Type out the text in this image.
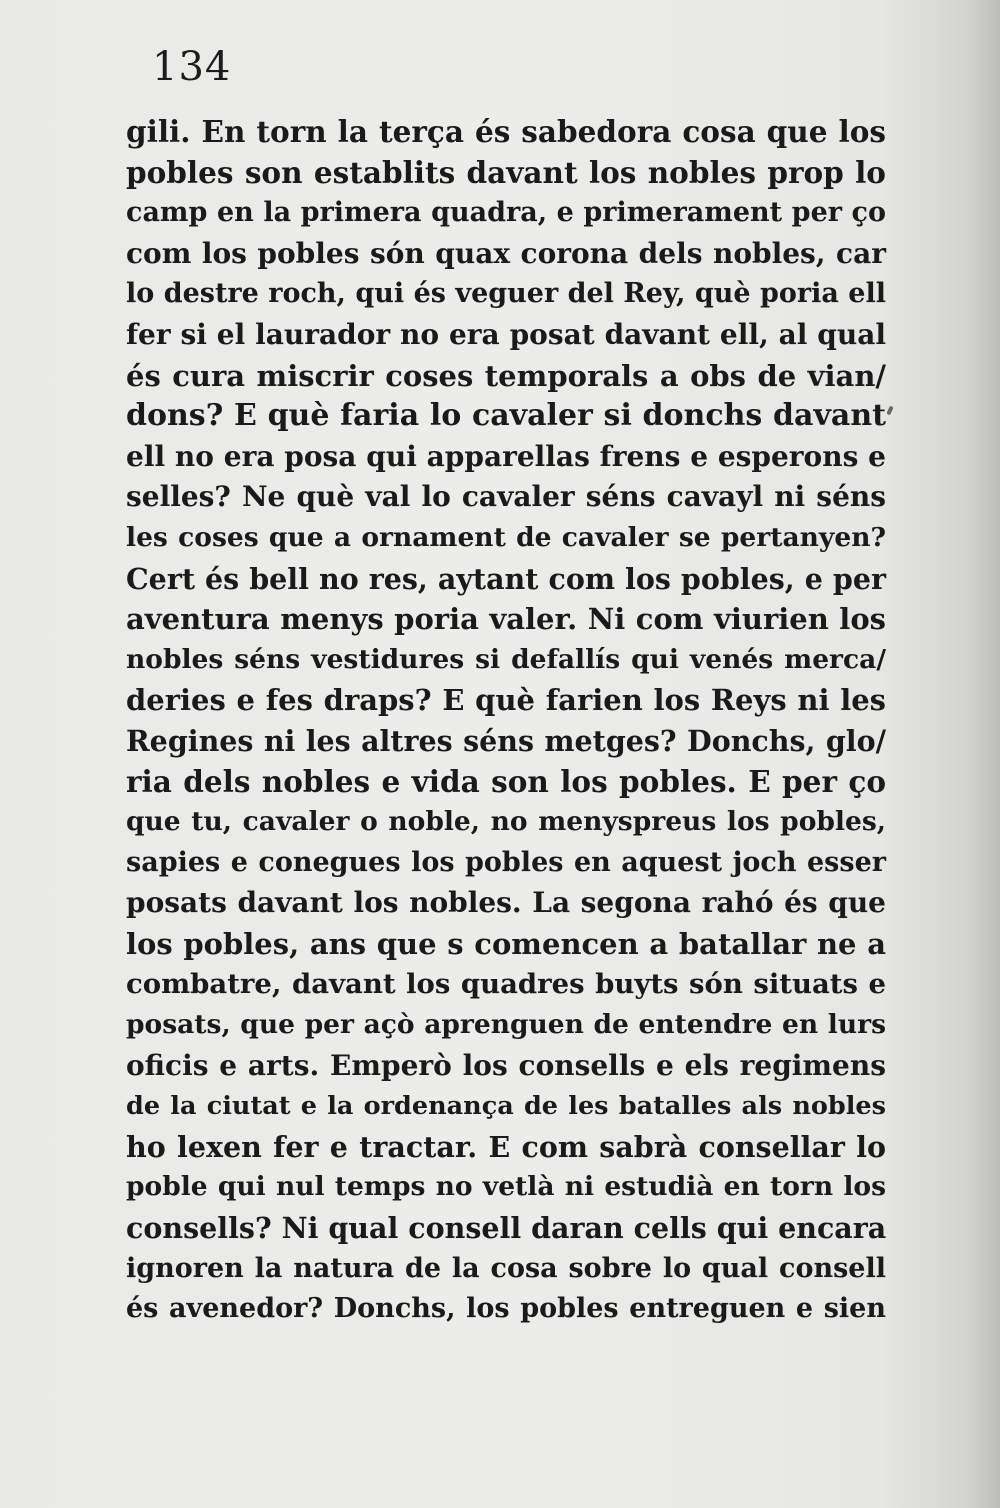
134
gili. En torn la terça és sabedora cosa que los
pobles son establits davant los nobles prop lo
camp en la primera quadra, e primerament per ço
com los pobles són quax corona dels nobles, car
lo destre roch, qui és veguer del Rey, què poria ell
fer si el laurador no era posat davant ell, al qual
és cura miscrir coses temporals a obs de vian/
dons? E què faria lo cavaler si donchs davant
ell no era posa qui apparellas frens e esperons e
selles? Ne què val lo cavaler séns cavayl ni séns
les coses que a ornament de cavaler se pertanyen?
Cert és bell no res, aytant com los pobles, e per
aventura menys poria valer. Ni com viurien los
nobles séns vestidures si defallís qui venés merca/
deries e fes draps? E què farien los Reys ni les
Regines ni les altres séns metges? Donchs, glo/
ria dels nobles e vida son los pobles. E per ço
que tu, cavaler o noble, no menyspreus los pobles,
sapies e conegues los pobles en aquest joch esser
posats davant los nobles. La segona rahó és que
los pobles, ans que s comencen a batallar ne a
combatre, davant los quadres buyts són situats e
posats, que per açò aprenguen de entendre en lurs
oficis e arts. Emperò los consells e els regimens
de la ciutat e la ordenança de les batalles als nobles
ho lexen fer e tractar. E com sabrà consellar lo
poble qui nul temps no vetlà ni estudià en torn los
consells? Ni qual consell daran cells qui encara
ignoren la natura de la cosa sobre lo qual consell
és avenedor? Donchs, los pobles entreguen e sien
